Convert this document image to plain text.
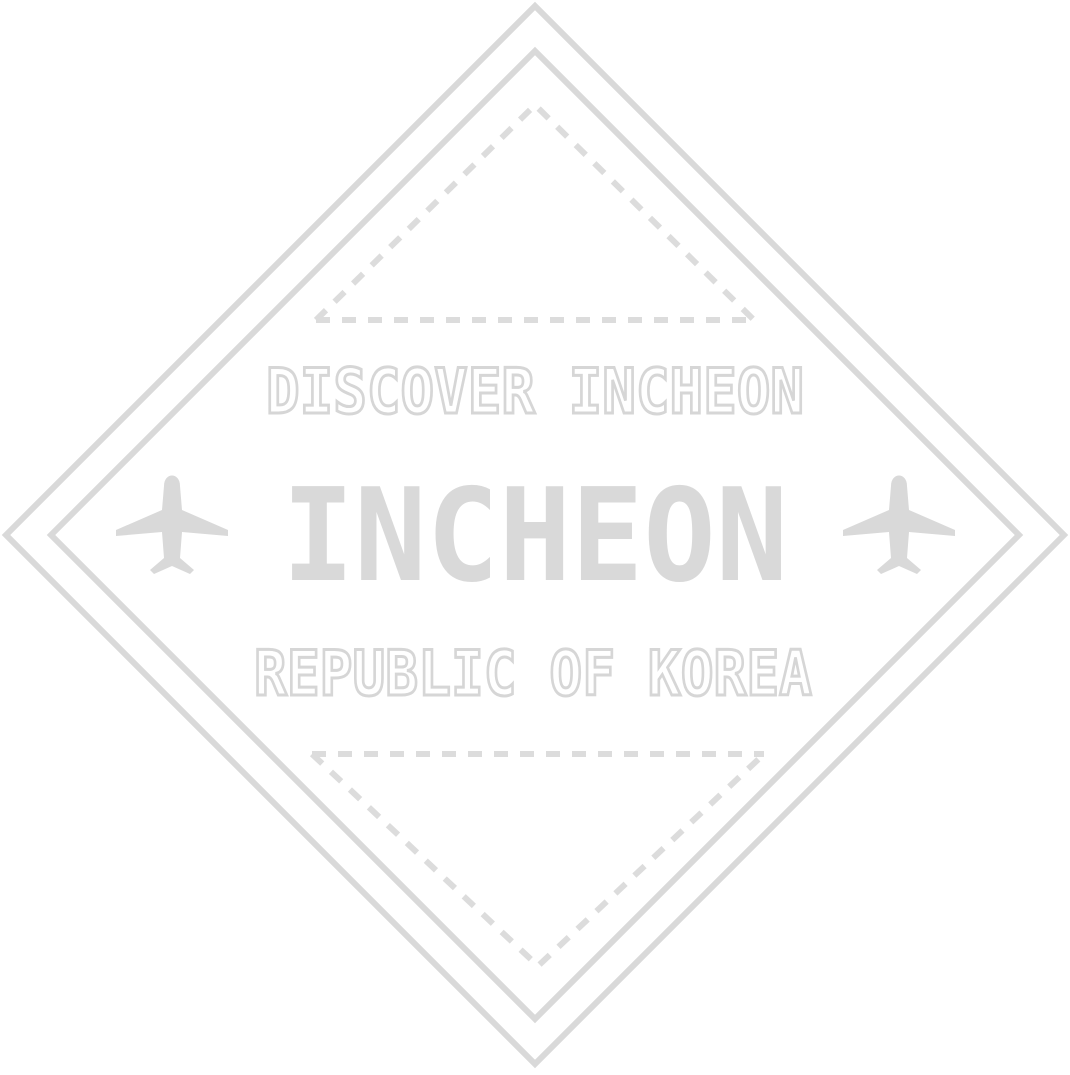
DISCOVER INCHEON
INCHEON
REPUBLIC OF KOREA
